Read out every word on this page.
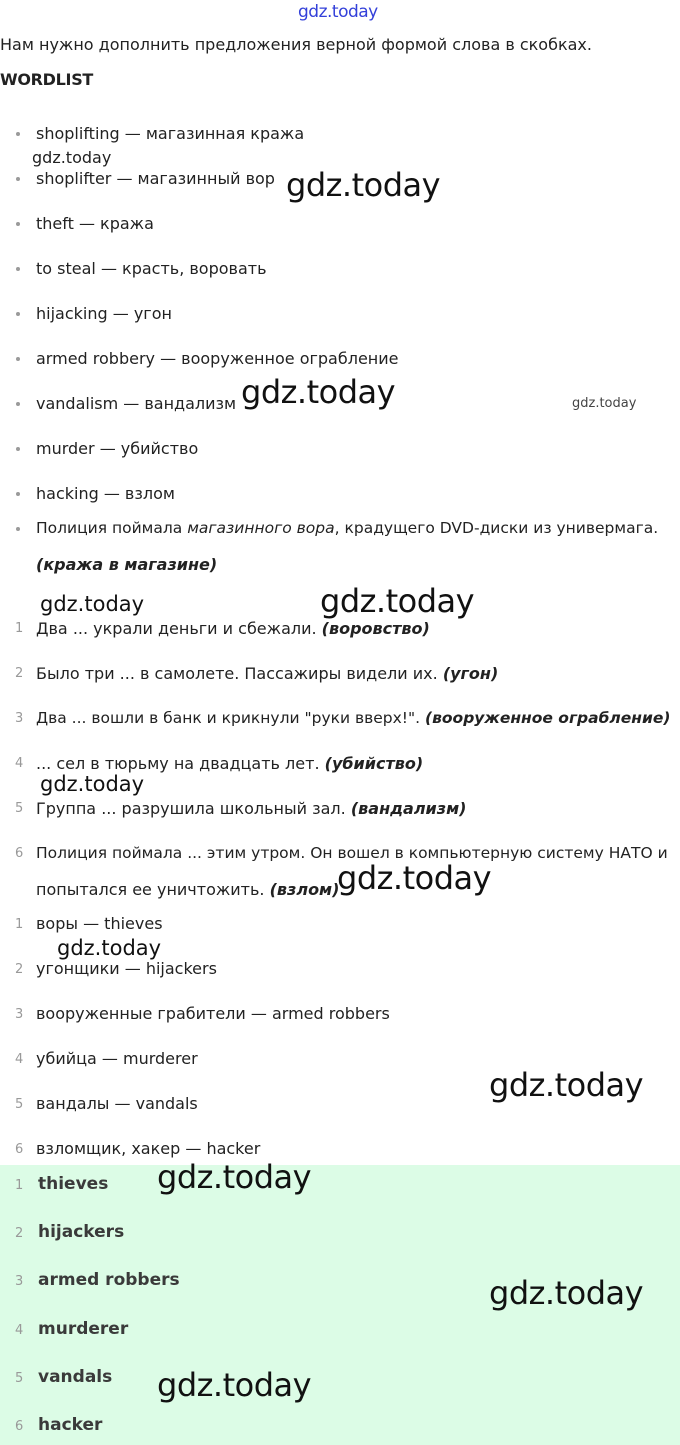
gdz.today
Нам нужно дополнить предложения верной формой слова в скобках.
WORDLIST
shoplifting — магазинная кража
shoplifter — магазинный вор
theft — кража
to steal — красть, воровать
hijacking — угон
armed robbery — вооруженное ограбление
vandalism — вандализм
murder — убийство
hacking — взлом
Полиция поймала магазинного вора, крадущего DVD-диски из универмага.
(кража в магазине)
1 Два ... украли деньги и сбежали. (воровство)
2 Было три ... в самолете. Пассажиры видели их. (угон)
3 Два ... вошли в банк и крикнули "руки вверх!". (вооруженное ограбление)
4 ... сел в тюрьму на двадцать лет. (убийство)
5 Группа ... разрушила школьный зал. (вандализм)
6 Полиция поймала ... этим утром. Он вошел в компьютерную систему НАТО и
попытался ее уничтожить. (взлом)
1 воры — thieves
2 угонщики — hijackers
3 вооруженные грабители — armed robbers
4 убийца — murderer
5 вандалы — vandals
6 взломщик, хакер — hacker
1 thieves
2 hijackers
3 armed robbers
4 murderer
5 vandals
6 hacker
gdz.today
gdz.today
gdz.today	gdz.today
gdz.today	gdz.today
gdz.today
gdz.today
gdz.today
gdz.today
gdz.today
gdz.today
gdz.today
